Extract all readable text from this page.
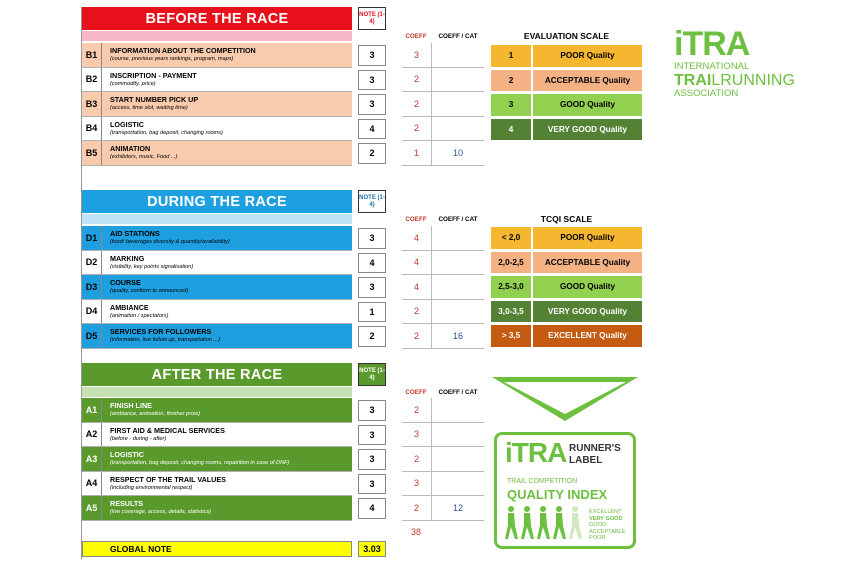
BEFORE THE RACE	NOTE (1-4)
COEFF	COEFF / CAT
B1	INFORMATION ABOUT THE COMPETITION
(course, previous years rankings, program, maps)	3	3
B2	INSCRIPTION - PAYMENT
(commodity, price)	3	2
B3	START NUMBER PICK UP
(access, time slot, waiting time)	3	2
B4	LOGISTIC
(transportation, bag deposit, changing rooms)	4	2
B5	ANIMATION
(exhibitors, music, Food ...)	2	1	10
DURING THE RACE	NOTE (1-4)
COEFF	COEFF / CAT
D1	AID STATIONS
(food/ beverages diversity & quantity/availability)	3	4
D2	MARKING
(visibility, key points signalisation)	4	4
D3	COURSE
(quality, conform to announced)	3	4
D4	AMBIANCE
(animation / spectators)	1	2
D5	SERVICES FOR FOLLOWERS
(information, live follow up, transportation ...)	2	2	16
AFTER THE RACE	NOTE (1-4)
COEFF	COEFF / CAT
A1	FINISH LINE
(ambiance, animation, finisher prize)	3	2
A2	FIRST AID & MEDICAL SERVICES
(before - during - after)	3	3
A3	LOGISTIC
(transportation, bag deposit, changing rooms, repatrition in case of DNF)	3	2
A4	RESPECT OF THE TRAIL VALUES
(including environmental respect)	3	3
A5	RESULTS
(live coverage, access, details, statistics)	4	2	12
38
GLOBAL NOTE	3.03
EVALUATION SCALE
1	POOR Quality
2	ACCEPTABLE Quality
3	GOOD Quality
4	VERY GOOD Quality
TCQI SCALE
< 2,0	POOR Quality
2,0-2,5	ACCEPTABLE Quality
2,5-3,0	GOOD Quality
3,0-3,5	VERY GOOD Quality
> 3,5	EXCELLENT Quality
iTRA
INTERNATIONAL
TRAILRUNNING
ASSOCIATION
iTRA RUNNER'S
LABEL
TRAIL COMPETITION
QUALITY INDEX
EXCELLENT
VERY GOOD
GOOD
ACCEPTABLE
POOR
